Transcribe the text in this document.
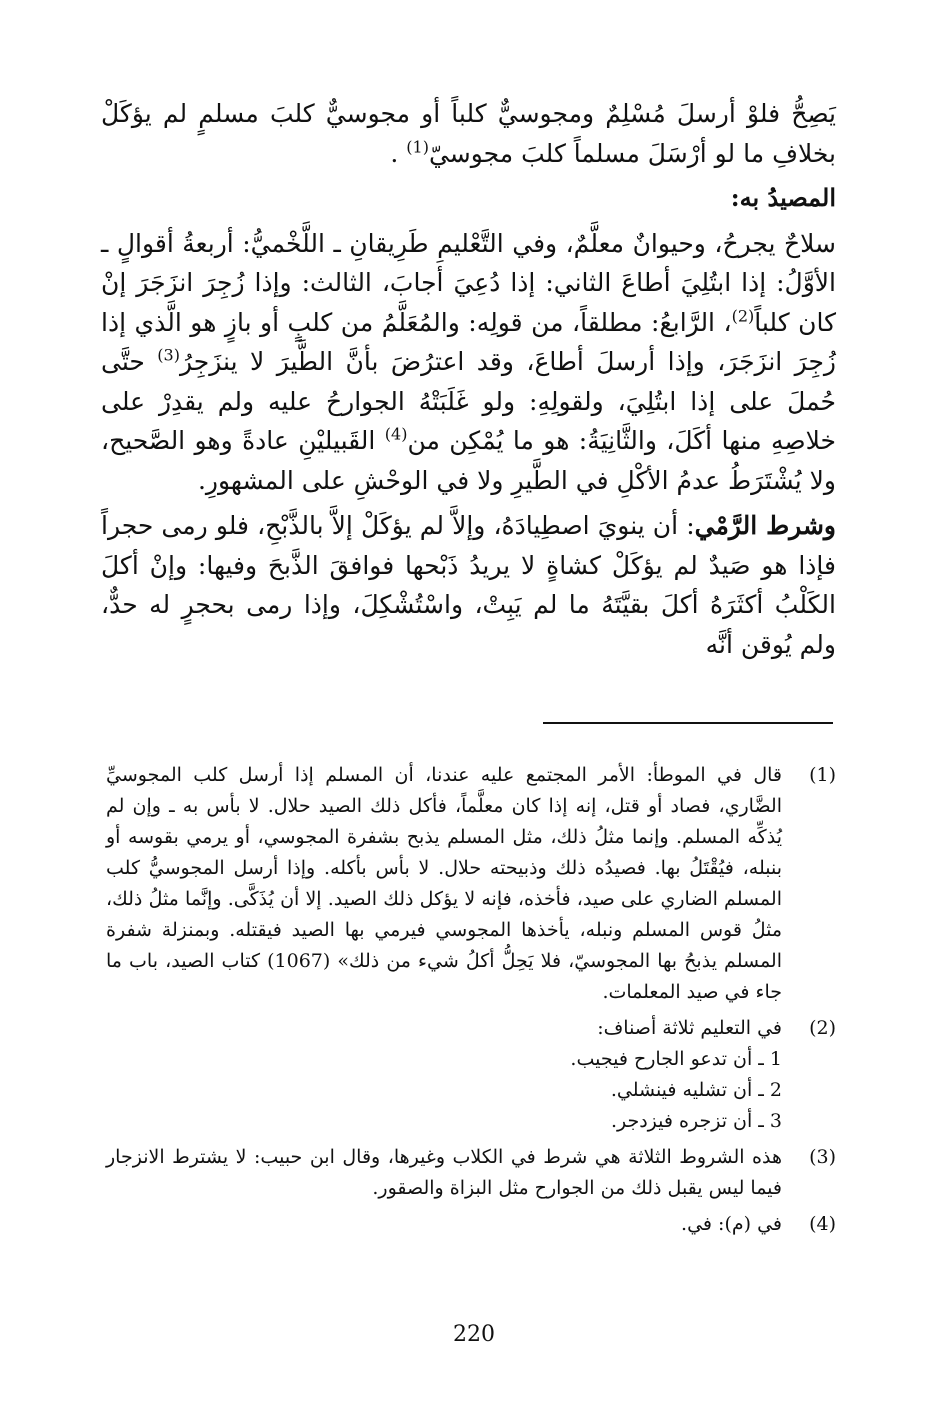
يَصِحُّ فلوْ أرسلَ مُسْلِمٌ ومجوسيٌّ كلباً أو مجوسيٌّ كلبَ مسلمٍ لم يؤكَلْ بخلافِ ما لو أرْسَلَ مسلماً كلبَ مجوسيّ$^{(1)}$ .

المصيدُ به:

سلاحٌ يجرحُ، وحيوانٌ معلَّمٌ، وفي التَّعْليمِ طَرِيقانِ ـ اللَّخْميُّ: أربعةُ أقوالٍ ـ الأوَّلُ: إذا ابتُلِيَ أطاعَ الثاني: إذا دُعِيَ أجابَ، الثالث: وإذا زُجِرَ انزَجَرَ إنْ كان كلباً$^{(2)}$، الرَّابعُ: مطلقاً، من قولِه: والمُعَلَّمُ من كلبٍ أو بازٍ هو الَّذي إذا زُجِرَ انزَجَرَ، وإذا أرسلَ أطاعَ، وقد اعترُضَ بأنَّ الطَّيرَ لا ينزَجِرُ$^{(3)}$ حتَّى حُملَ على إذا ابتُلِيَ، ولقولِهِ: ولو غَلَبَتْهُ الجوارحُ عليه ولم يقدِرْ على خلاصِهِ منها أكَلَ، والثَّانِيَةُ: هو ما يُمْكِن من$^{(4)}$ القَبيليْنِ عادةً وهو الصَّحيح، ولا يُشْتَرَطُ عدمُ الأكْلِ في الطَّيرِ ولا في الوحْشِ على المشهورِ.

وشرط الرَّمْي: أن ينويَ اصطِيادَهُ، وإلاَّ لم يؤكَلْ إلاَّ بالذَّبْحِ، فلو رمى حجراً فإذا هو صَيدٌ لم يؤكَلْ كشاةٍ لا يريدُ ذَبْحها فوافقَ الذَّبحَ وفيها: وإنْ أكلَ الكَلْبُ أكثَرَهُ أكلَ بقيَّتَهُ ما لم يَبِتْ، واسْتُشْكِلَ، وإذا رمى بحجرٍ له حدٌّ، ولم يُوقن أنَّه

(1)

قال في الموطأ: الأمر المجتمع عليه عندنا، أن المسلم إذا أرسل كلب المجوسيِّ الضَّاري، فصاد أو قتل، إنه إذا كان معلَّماً، فأكل ذلك الصيد حلال. لا بأس به ـ وإن لم يُذكِّه المسلم. وإنما مثلُ ذلك، مثل المسلم يذبح بشفرة المجوسي، أو يرمي بقوسه أو بنبله، فيُقْتَلُ بها. فصيدُه ذلك وذبيحته حلال. لا بأس بأكله. وإذا أرسل المجوسيُّ كلب المسلم الضاري على صيد، فأخذه، فإنه لا يؤكل ذلك الصيد. إلا أن يُذَكَّى. وإنَّما مثلُ ذلك، مثلُ قوس المسلم ونبله، يأخذها المجوسي فيرمي بها الصيد فيقتله. وبمنزلة شفرة المسلم يذبحُ بها المجوسيّ، فلا يَحِلُّ أكلُ شيء من ذلك» (1067) كتاب الصيد، باب ما جاء في صيد المعلمات.

(2)

في التعليم ثلاثة أصناف:

1 ـ أن تدعو الجارح فيجيب.

2 ـ أن تشليه فينشلي.

3 ـ أن تزجره فيزدجر.

(3)

هذه الشروط الثلاثة هي شرط في الكلاب وغيرها، وقال ابن حبيب: لا يشترط الانزجار فيما ليس يقبل ذلك من الجوارح مثل البزاة والصقور.

(4)

في (م): في.

220
